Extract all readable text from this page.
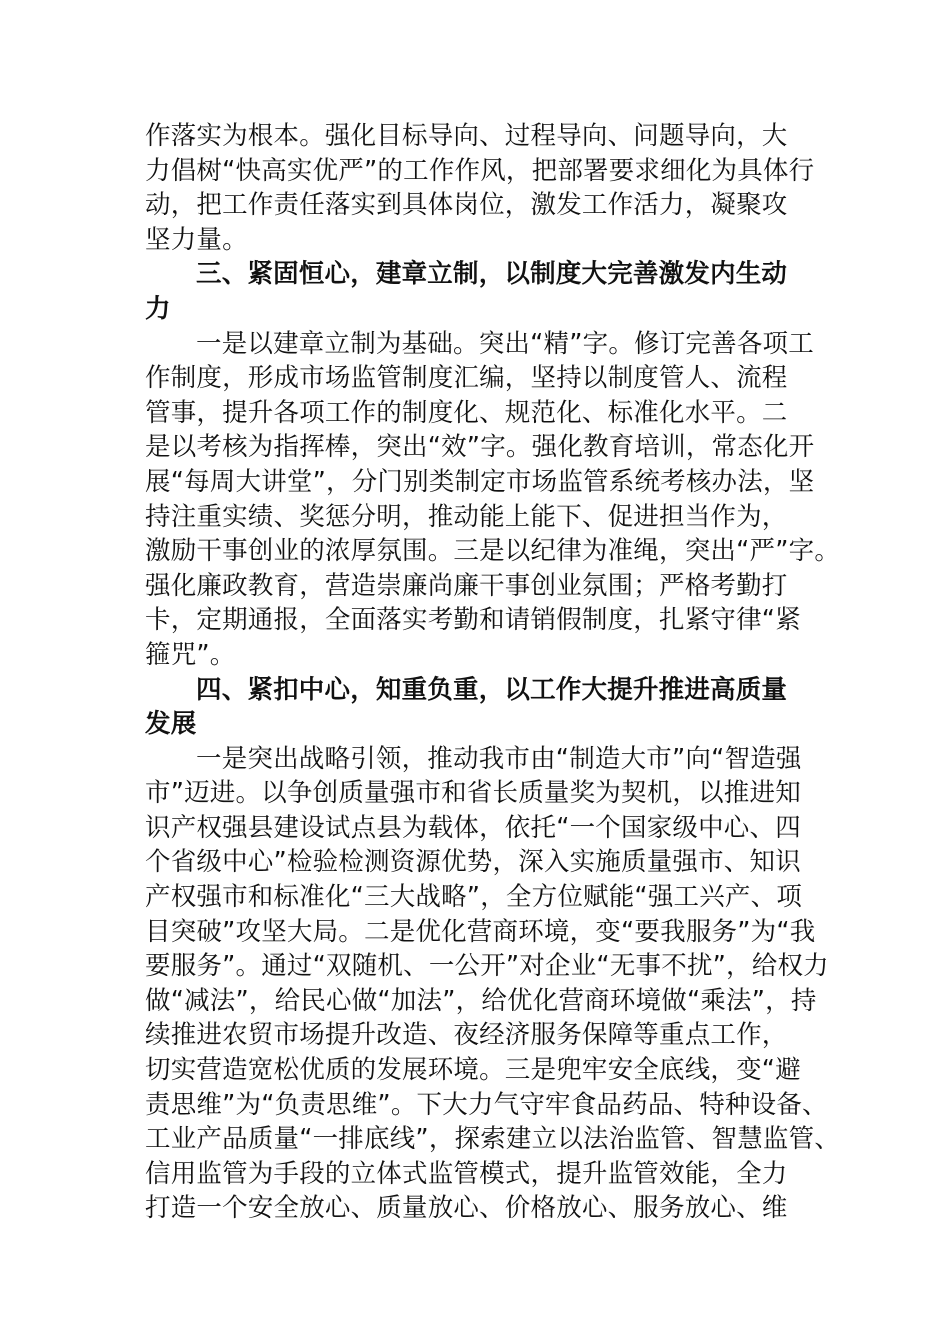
作落实为根本。强化目标导向、过程导向、问题导向，大
力倡树“快高实优严”的工作作风，把部署要求细化为具体行
动，把工作责任落实到具体岗位，激发工作活力，凝聚攻
坚力量。
三、紧固恒心，建章立制，以制度大完善激发内生动
力
一是以建章立制为基础。突出“精”字。修订完善各项工
作制度，形成市场监管制度汇编，坚持以制度管人、流程
管事，提升各项工作的制度化、规范化、标准化水平。二
是以考核为指挥棒，突出“效”字。强化教育培训，常态化开
展“每周大讲堂”，分门别类制定市场监管系统考核办法，坚
持注重实绩、奖惩分明，推动能上能下、促进担当作为，
激励干事创业的浓厚氛围。三是以纪律为准绳，突出“严”字。
强化廉政教育，营造崇廉尚廉干事创业氛围；严格考勤打
卡，定期通报，全面落实考勤和请销假制度，扎紧守律“紧
箍咒”。
四、紧扣中心，知重负重，以工作大提升推进高质量
发展
一是突出战略引领，推动我市由“制造大市”向“智造强
市”迈进。以争创质量强市和省长质量奖为契机，以推进知
识产权强县建设试点县为载体，依托“一个国家级中心、四
个省级中心”检验检测资源优势，深入实施质量强市、知识
产权强市和标准化“三大战略”，全方位赋能“强工兴产、项
目突破”攻坚大局。二是优化营商环境，变“要我服务”为“我
要服务”。通过“双随机、一公开”对企业“无事不扰”，给权力
做“减法”，给民心做“加法”，给优化营商环境做“乘法”，持
续推进农贸市场提升改造、夜经济服务保障等重点工作，
切实营造宽松优质的发展环境。三是兜牢安全底线，变“避
责思维”为“负责思维”。下大力气守牢食品药品、特种设备、
工业产品质量“一排底线”，探索建立以法治监管、智慧监管、
信用监管为手段的立体式监管模式，提升监管效能，全力
打造一个安全放心、质量放心、价格放心、服务放心、维
